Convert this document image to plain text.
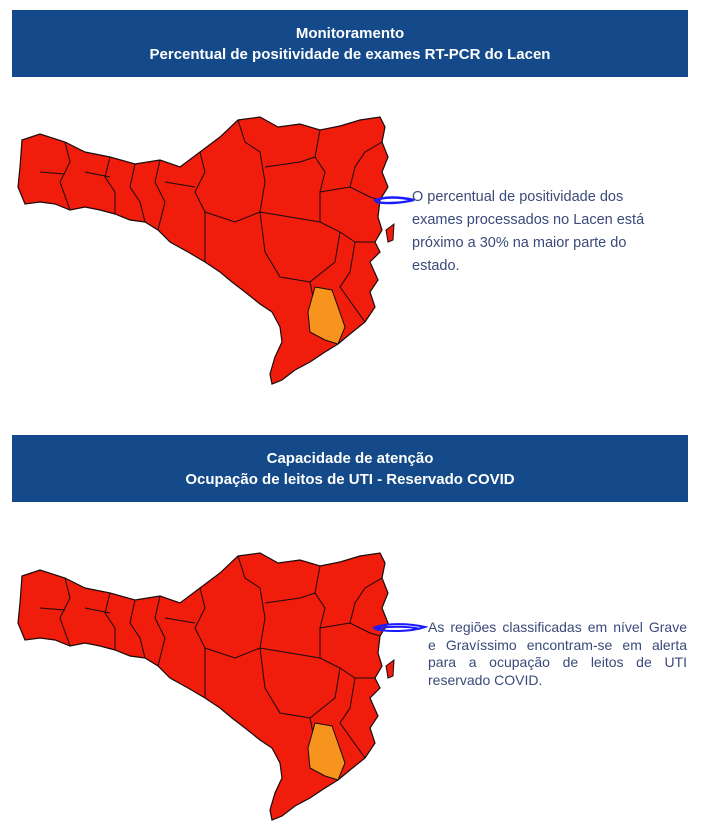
Monitoramento
Percentual de positividade de exames RT-PCR do Lacen
O percentual de positividade dos exames processados no Lacen está próximo a 30% na maior parte do estado.
Capacidade de atenção
Ocupação de leitos de UTI - Reservado COVID
As regiões classificadas em nível Grave e Gravíssimo encontram-se em alerta para a ocupação de leitos de UTI reservado COVID.
